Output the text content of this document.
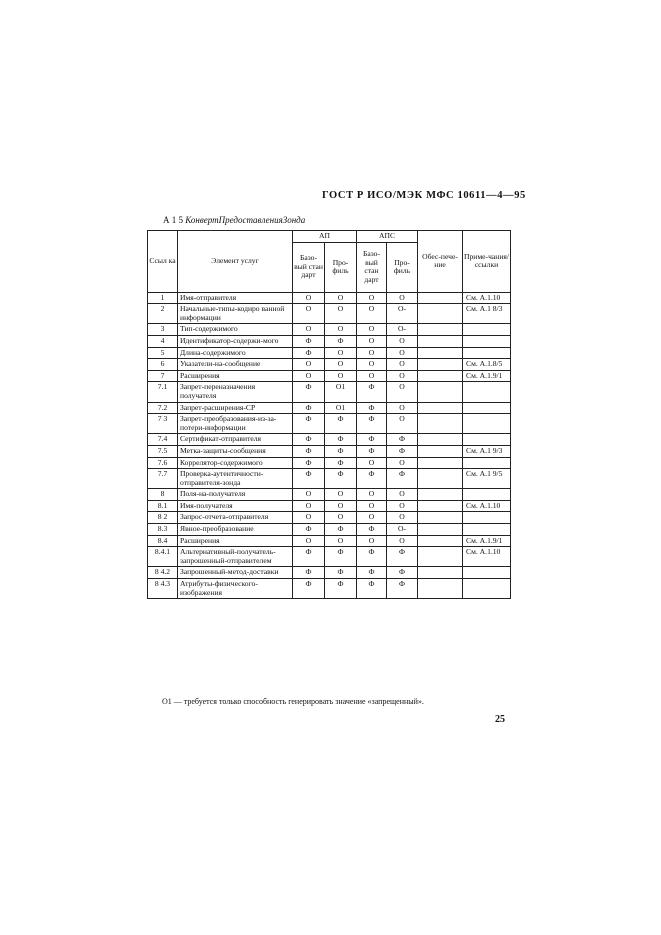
ГОСТ Р ИСО/МЭК МФС 10611—4—95
А 1 5 КонвертПредоставленияЗонда
Ссыл ка	Элемент услуг	АП		АПС		Обес-пече-ние	Приме-чания/ ссылки
		Базо-вый стан дарт	Про-филь	Базо-вый стан дарт	Про-филь		
1	Имя-отправителя	О	О	О	О		См. А.1.10
2	Начальные-типы-кодиро ванной информации	О	О	О	О-		См. А.1 8/3
3	Тип-содержимого	О	О	О	О-		
4	Идентификатор-содержи-мого	Ф	Ф	О	О		
5	Длина-содержимого	Ф	О	О	О		
6	Указатели-на-сообщение	О	О	О	О		См. А.1.8/5
7	Расширения	О	О	О	О		См. А.1.9/1
7.1	Запрет-переназначения получателя	Ф	О1	Ф	О		
7.2	Запрет-расширения-СР	Ф	О1	Ф	О		
7 3	Запрет-преобразования-из-за-потери-информации	Ф	Ф	Ф	О		
7.4	Сертификат-отправителя	Ф	Ф	Ф	Ф		
7.5	Метка-защиты-сообщения	Ф	Ф	Ф	Ф		См. А.1 9/3
7.6	Коррелятор-содержимого	Ф	Ф	О	О		
7.7	Проверка-аутентичности-отправителя-зонда	Ф	Ф	Ф	Ф		См. А.1 9/5
8	Поля-на-получателя	О	О	О	О		
8.1	Имя-получателя	О	О	О	О		См. А.1.10
8 2	Запрос-отчета-отправителя	О	О	О	О		
8.3	Явное-преобразование	Ф	Ф	Ф	О-		
8.4	Расширения	О	О	О	О		См. А.1.9/1
8.4.1	Альтернативный-получатель-запрошенный-отправителем	Ф	Ф	Ф	Ф		См. А.1.10
8 4.2	Запрошенный-метод-доставки	Ф	Ф	Ф	Ф		
8 4.3	Атрибуты-физического-изображения	Ф	Ф	Ф	Ф		
О1 — требуется только способность генерировать значение «запрещенный».
25
